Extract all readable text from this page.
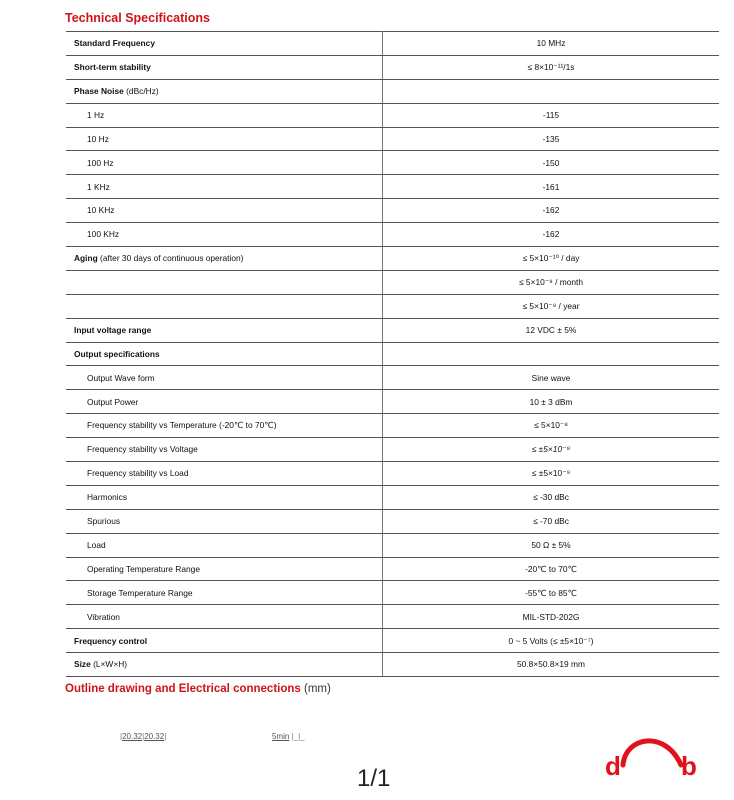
Technical Specifications
Standard Frequency	10 MHz
Short-term stability	≤ 8×10⁻¹¹/1s
Phase Noise (dBc/Hz)	
1 Hz	-115
10 Hz	-135
100 Hz	-150
1 KHz	-161
10 KHz	-162
100 KHz	-162
Aging (after 30 days of continuous operation)	≤ 5×10⁻¹⁰ / day
	≤ 5×10⁻⁹ / month
	≤ 5×10⁻⁸ / year
Input voltage range	12 VDC ± 5%
Output specifications	
Output Wave form	Sine wave
Output Power	10 ± 3 dBm
Frequency stability vs Temperature (-20℃ to 70℃)	≤ 5×10⁻⁸
Frequency stability vs Voltage	≤ ±5×10⁻⁹
Frequency stability vs Load	≤ ±5×10⁻⁹
Harmonics	≤ -30 dBc
Spurious	≤ -70 dBc
Load	50 Ω ± 5%
Operating Temperature Range	-20℃ to 70℃
Storage Temperature Range	-55℃ to 85℃
Vibration	MIL-STD-202G
Frequency control	0 ~ 5 Volts (≤ ±5×10⁻⁷)
Size (L×W×H)	50.8×50.8×19 mm
Outline drawing and Electrical connections (mm)
|20.32|20.32|	5min |_|_
1/1	d b
